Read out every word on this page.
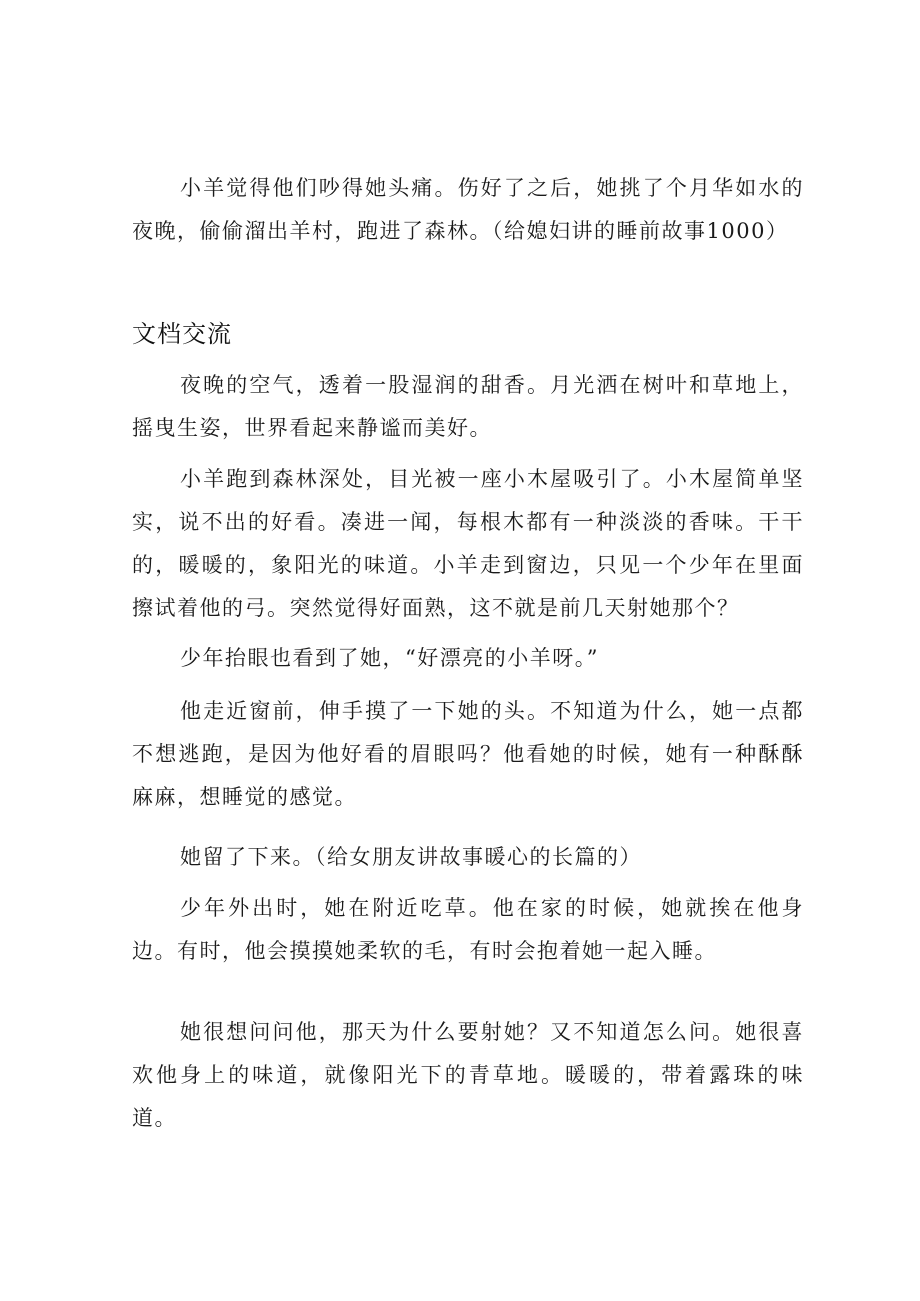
小羊觉得他们吵得她头痛。伤好了之后，她挑了个月华如水的夜晚，偷偷溜出羊村，跑进了森林。（给媳妇讲的睡前故事1000）

文档交流

夜晚的空气，透着一股湿润的甜香。月光洒在树叶和草地上，摇曳生姿，世界看起来静谧而美好。

小羊跑到森林深处，目光被一座小木屋吸引了。小木屋简单坚实，说不出的好看。凑进一闻，每根木都有一种淡淡的香味。干干的，暖暖的，象阳光的味道。小羊走到窗边，只见一个少年在里面擦试着他的弓。突然觉得好面熟，这不就是前几天射她那个？

少年抬眼也看到了她，“好漂亮的小羊呀。”

他走近窗前，伸手摸了一下她的头。不知道为什么，她一点都不想逃跑，是因为他好看的眉眼吗？他看她的时候，她有一种酥酥麻麻，想睡觉的感觉。

她留了下来。（给女朋友讲故事暖心的长篇的）

少年外出时，她在附近吃草。他在家的时候，她就挨在他身边。有时，他会摸摸她柔软的毛，有时会抱着她一起入睡。

她很想问问他，那天为什么要射她？又不知道怎么问。她很喜欢他身上的味道，就像阳光下的青草地。暖暖的，带着露珠的味道。
